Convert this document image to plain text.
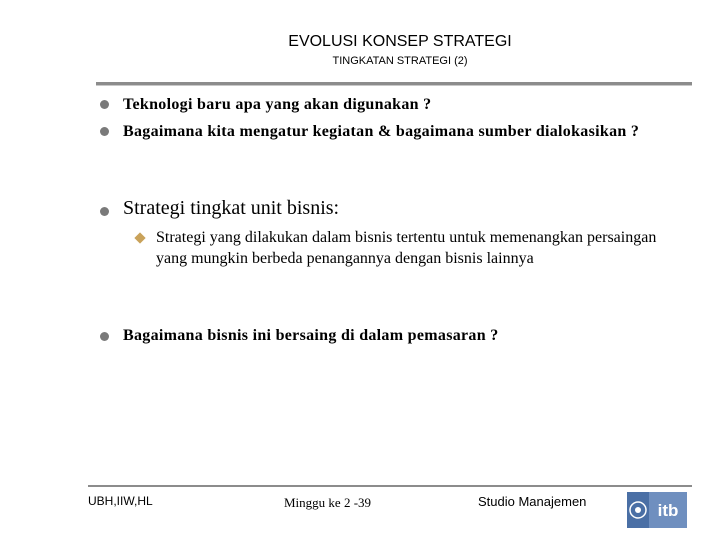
EVOLUSI KONSEP STRATEGI
TINGKATAN STRATEGI (2)
Teknologi baru apa yang akan digunakan ?
Bagaimana kita mengatur kegiatan & bagaimana sumber dialokasikan ?
Strategi tingkat unit bisnis:
Strategi yang dilakukan dalam bisnis tertentu untuk memenangkan persaingan yang mungkin berbeda penangannya dengan bisnis lainnya
Bagaimana bisnis ini bersaing di dalam pemasaran ?
UBH,IIW,HL	Minggu ke 2 -39	Studio Manajemen	itb
